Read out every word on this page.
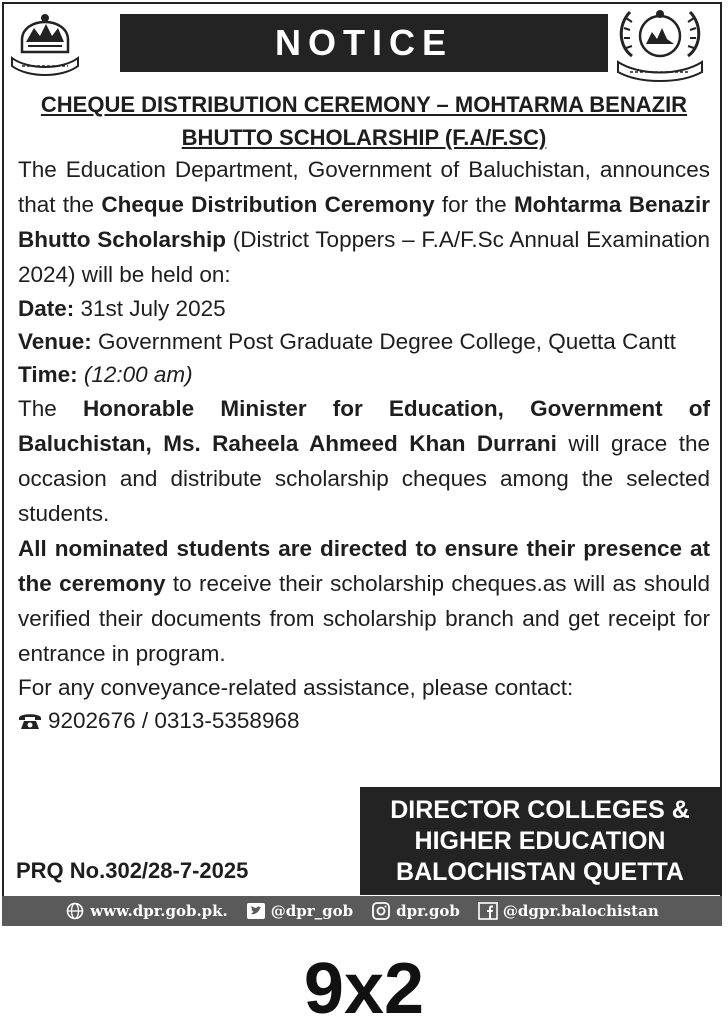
NOTICE
CHEQUE DISTRIBUTION CEREMONY – MOHTARMA BENAZIR
BHUTTO SCHOLARSHIP (F.A/F.SC)

The Education Department, Government of Baluchistan, announces that the Cheque Distribution Ceremony for the Mohtarma Benazir Bhutto Scholarship (District Toppers – F.A/F.Sc Annual Examination 2024) will be held on:

Date: 31st July 2025

Venue: Government Post Graduate Degree College, Quetta Cantt

Time: (12:00 am)

The Honorable Minister for Education, Government of Baluchistan, Ms. Raheela Ahmeed Khan Durrani will grace the occasion and distribute scholarship cheques among the selected students.

All nominated students are directed to ensure their presence at the ceremony to receive their scholarship cheques.as will as should verified their documents from scholarship branch and get receipt for entrance in program.

For any conveyance-related assistance, please contact:

9202676 / 0313-5358968

DIRECTOR COLLEGES &
HIGHER EDUCATION
BALOCHISTAN QUETTA
PRQ No.302/28-7-2025
www.dpr.gob.pk.	@dpr_gob	dpr.gob	@dgpr.balochistan
9x2
